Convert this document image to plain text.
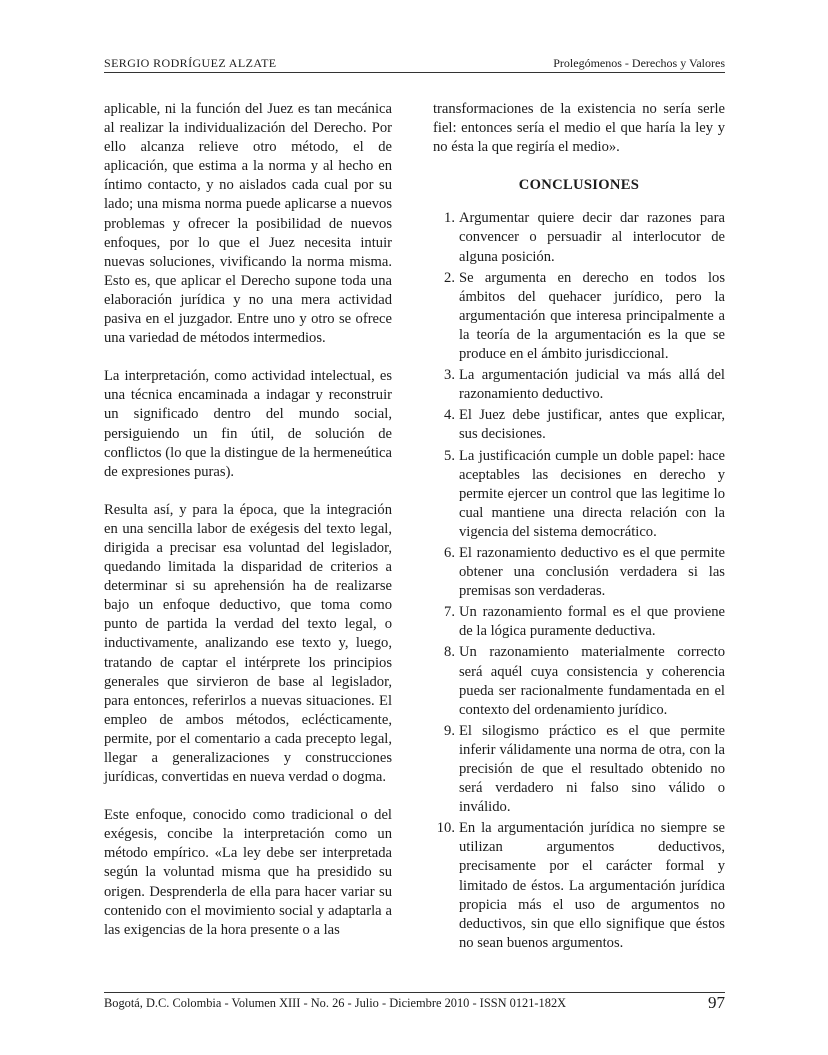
SERGIO RODRÍGUEZ ALZATE	Prolegómenos - Derechos y Valores

aplicable, ni la función del Juez es tan mecánica al realizar la individualización del Derecho. Por ello alcanza relieve otro método, el de aplicación, que estima a la norma y al hecho en íntimo contacto, y no aislados cada cual por su lado; una misma norma puede aplicarse a nuevos problemas y ofrecer la posibilidad de nuevos enfoques, por lo que el Juez necesita intuir nuevas soluciones, vivificando la norma misma. Esto es, que aplicar el Derecho supone toda una elaboración jurídica y no una mera actividad pasiva en el juzgador. Entre uno y otro se ofrece una variedad de métodos intermedios.

La interpretación, como actividad intelectual, es una técnica encaminada a indagar y reconstruir un significado dentro del mundo social, persiguiendo un fin útil, de solución de conflictos (lo que la distingue de la hermeneútica de expresiones puras).

Resulta así, y para la época, que la integración en una sencilla labor de exégesis del texto legal, dirigida a precisar esa voluntad del legislador, quedando limitada la disparidad de criterios a determinar si su aprehensión ha de realizarse bajo un enfoque deductivo, que toma como punto de partida la verdad del texto legal, o inductivamente, analizando ese texto y, luego, tratando de captar el intérprete los principios generales que sirvieron de base al legislador, para entonces, referirlos a nuevas situaciones. El empleo de ambos métodos, eclécticamente, permite, por el comentario a cada precepto legal, llegar a generalizaciones y construcciones jurídicas, convertidas en nueva verdad o dogma.

Este enfoque, conocido como tradicional o del exégesis, concibe la interpretación como un método empírico. «La ley debe ser interpretada según la voluntad misma que ha presidido su origen. Desprenderla de ella para hacer variar su contenido con el movimiento social y adaptarla a las exigencias de la hora presente o a las

transformaciones de la existencia no sería serle fiel: entonces sería el medio el que haría la ley y no ésta la que regiría el medio».

CONCLUSIONES
1. Argumentar quiere decir dar razones para convencer o persuadir al interlocutor de alguna posición.
2. Se argumenta en derecho en todos los ámbitos del quehacer jurídico, pero la argumentación que interesa principalmente a la teoría de la argumentación es la que se produce en el ámbito jurisdiccional.
3. La argumentación judicial va más allá del razonamiento deductivo.
4. El Juez debe justificar, antes que explicar, sus decisiones.
5. La justificación cumple un doble papel: hace aceptables las decisiones en derecho y permite ejercer un control que las legitime lo cual mantiene una directa relación con la vigencia del sistema democrático.
6. El razonamiento deductivo es el que permite obtener una conclusión verdadera si las premisas son verdaderas.
7. Un razonamiento formal es el que proviene de la lógica puramente deductiva.
8. Un razonamiento materialmente correcto será aquél cuya consistencia y coherencia pueda ser racionalmente fundamentada en el contexto del ordenamiento jurídico.
9. El silogismo práctico es el que permite inferir válidamente una norma de otra, con la precisión de que el resultado obtenido no será verdadero ni falso sino válido o inválido.
10. En la argumentación jurídica no siempre se utilizan argumentos deductivos, precisamente por el carácter formal y limitado de éstos. La argumentación jurídica propicia más el uso de argumentos no deductivos, sin que ello signifique que éstos no sean buenos argumentos.
Bogotá, D.C. Colombia - Volumen XIII - No. 26 - Julio - Diciembre 2010 - ISSN 0121-182X	97
